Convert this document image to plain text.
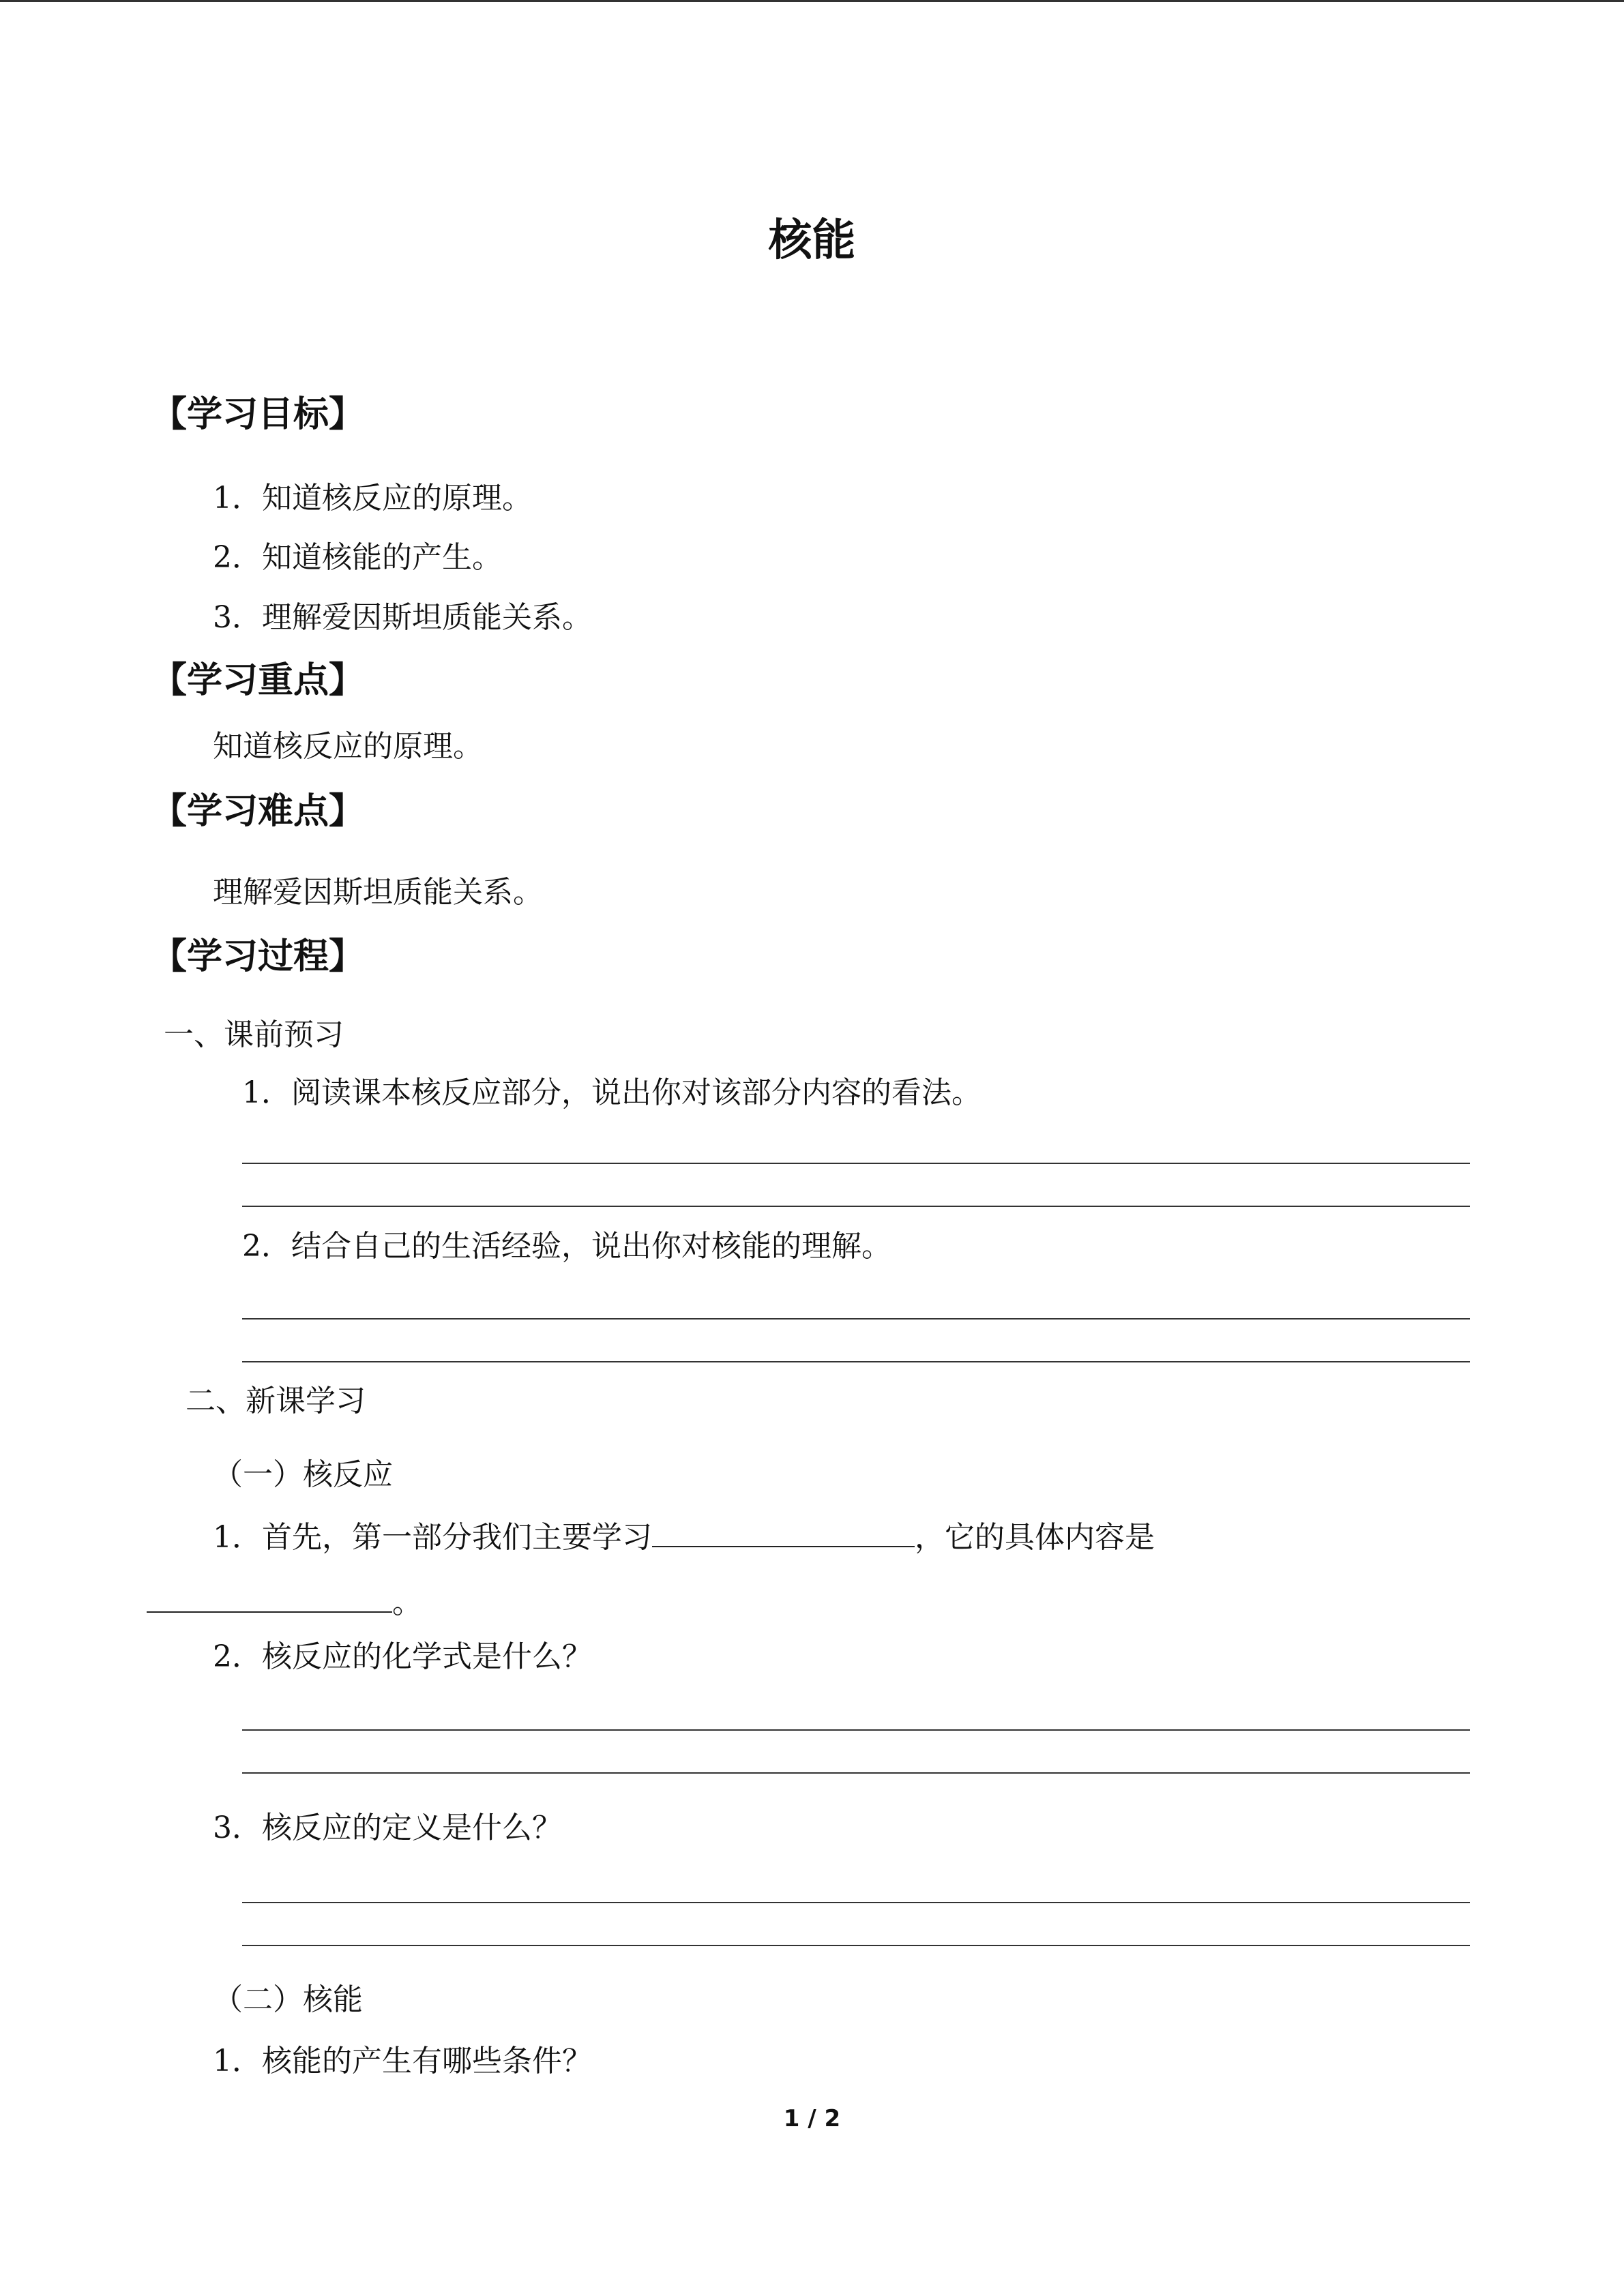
核能
【学习目标】
1．知道核反应的原理。
2．知道核能的产生。
3．理解爱因斯坦质能关系。
【学习重点】
知道核反应的原理。
【学习难点】
理解爱因斯坦质能关系。
【学习过程】
一、课前预习
1．阅读课本核反应部分，说出你对该部分内容的看法。
2．结合自己的生活经验，说出你对核能的理解。
二、新课学习
（一）核反应
1．首先，第一部分我们主要学习	，它的具体内容是
。
2．核反应的化学式是什么？
3．核反应的定义是什么？
（二）核能
1．核能的产生有哪些条件？
1 / 2
